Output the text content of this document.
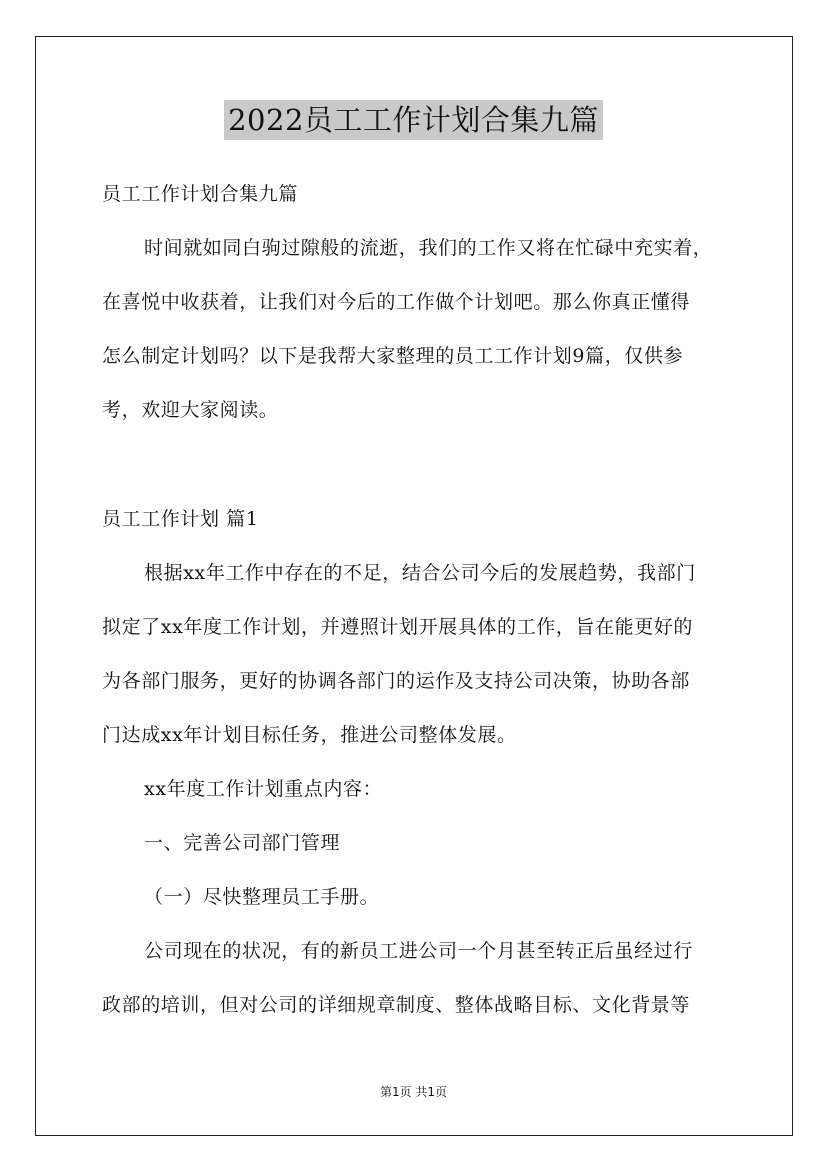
2022员工工作计划合集九篇
员工工作计划合集九篇
时间就如同白驹过隙般的流逝，我们的工作又将在忙碌中充实着，
在喜悦中收获着，让我们对今后的工作做个计划吧。那么你真正懂得
怎么制定计划吗？以下是我帮大家整理的员工工作计划9篇，仅供参
考，欢迎大家阅读。
员工工作计划 篇1
根据xx年工作中存在的不足，结合公司今后的发展趋势，我部门
拟定了xx年度工作计划，并遵照计划开展具体的工作，旨在能更好的
为各部门服务，更好的协调各部门的运作及支持公司决策，协助各部
门达成xx年计划目标任务，推进公司整体发展。
xx年度工作计划重点内容：
一、完善公司部门管理
（一）尽快整理员工手册。
公司现在的状况，有的新员工进公司一个月甚至转正后虽经过行
政部的培训，但对公司的详细规章制度、整体战略目标、文化背景等
第1页 共1页
